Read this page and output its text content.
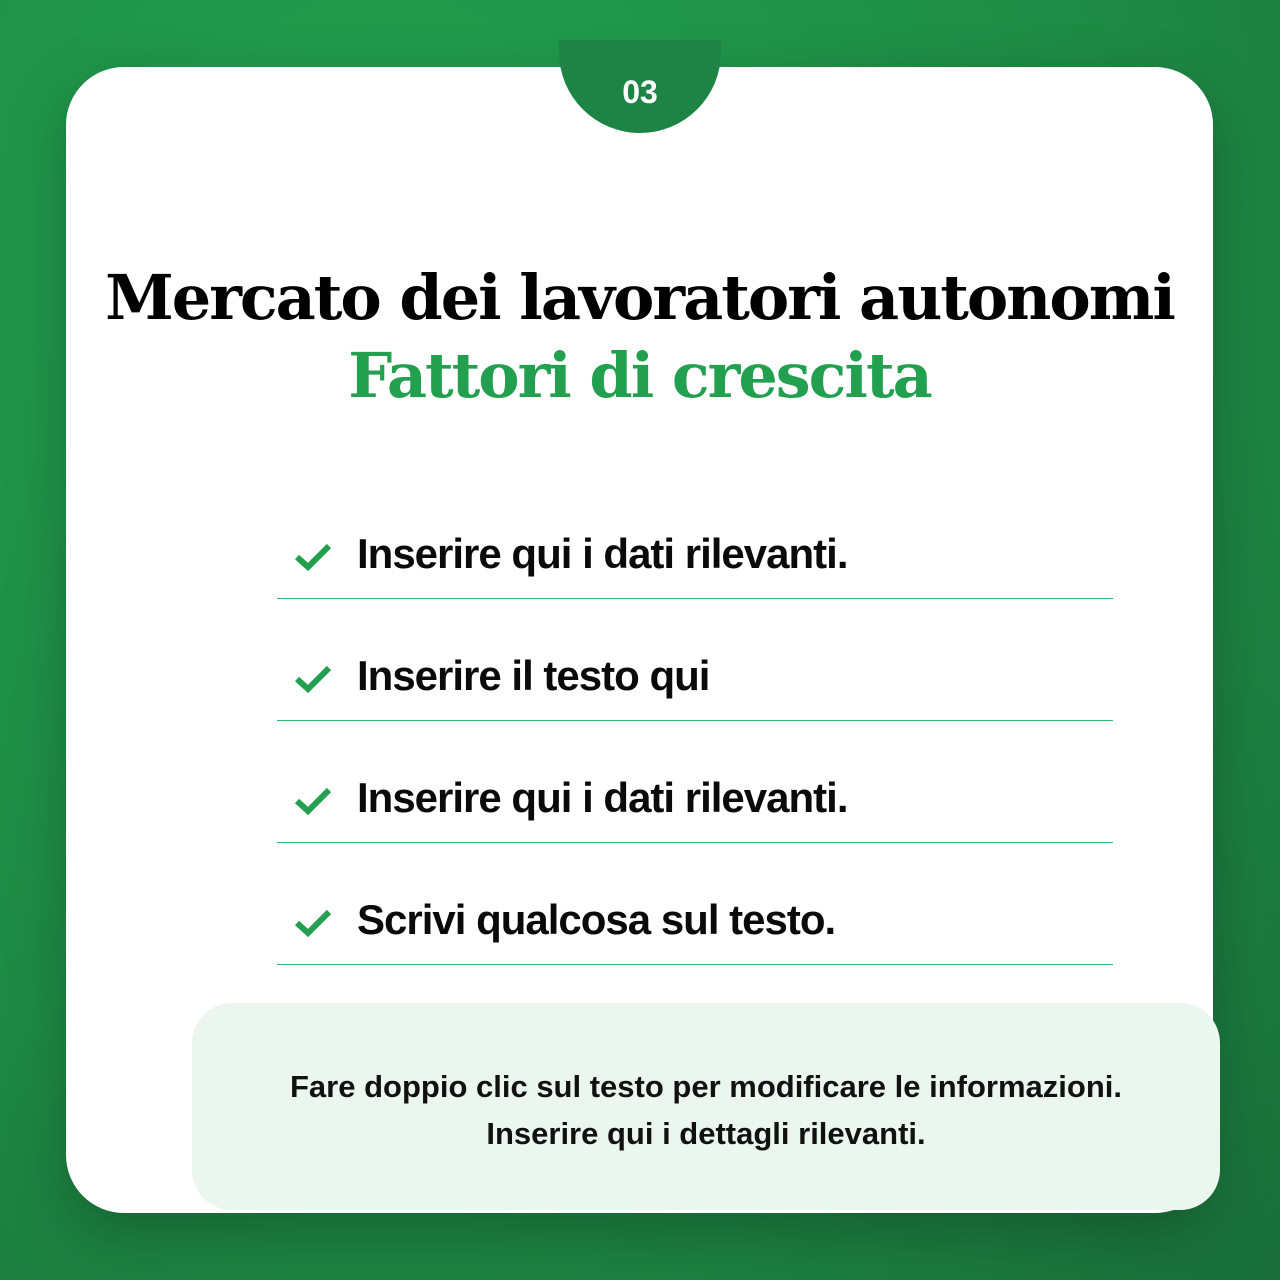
Mercato dei lavoratori autonomi
Fattori di crescita
Inserire qui i dati rilevanti.
Inserire il testo qui
Inserire qui i dati rilevanti.
Scrivi qualcosa sul testo.
Fare doppio clic sul testo per modificare le informazioni.
Inserire qui i dettagli rilevanti.
03
